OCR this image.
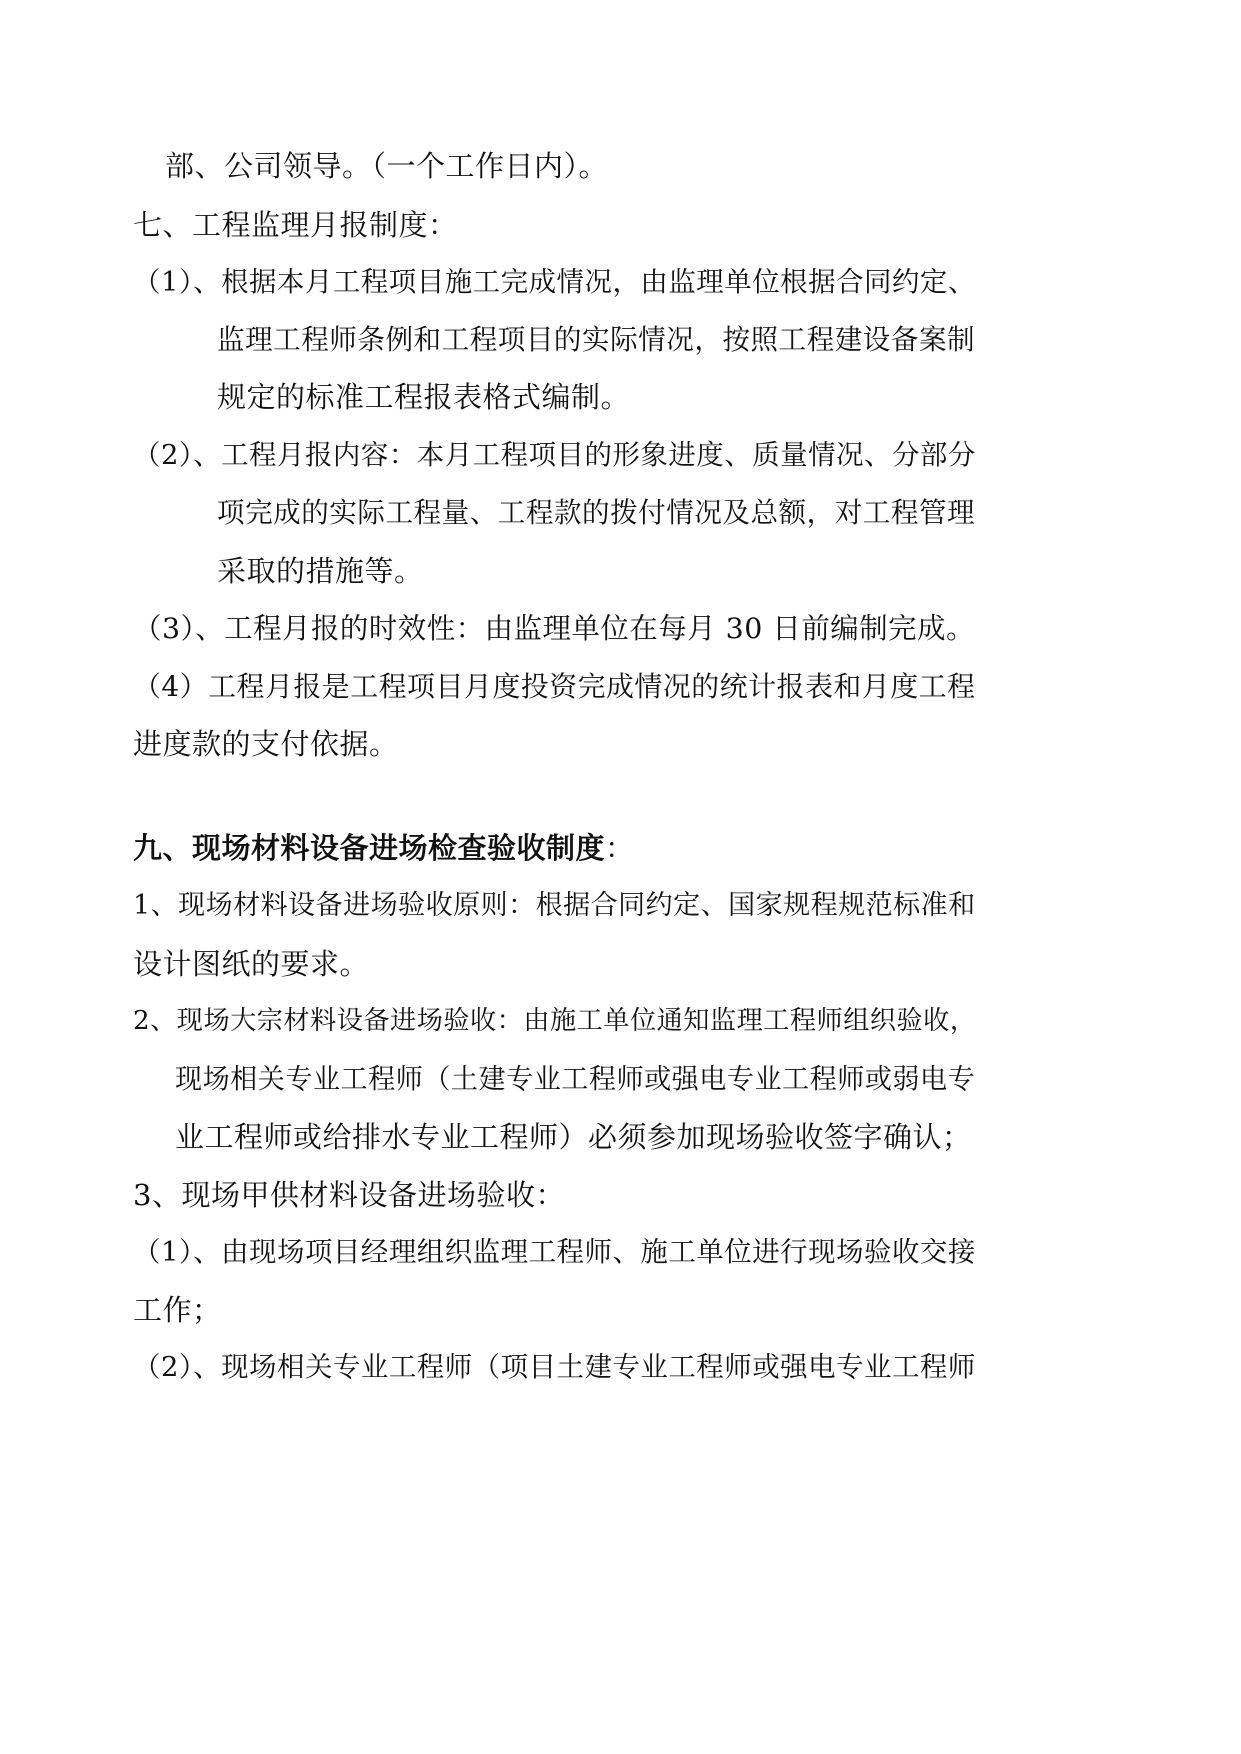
部、公司领导。（一个工作日内）。
七、工程监理月报制度：
（1）、根据本月工程项目施工完成情况，由监理单位根据合同约定、
监理工程师条例和工程项目的实际情况，按照工程建设备案制
规定的标准工程报表格式编制。
（2）、工程月报内容：本月工程项目的形象进度、质量情况、分部分
项完成的实际工程量、工程款的拨付情况及总额，对工程管理
采取的措施等。
（3）、工程月报的时效性：由监理单位在每月 30 日前编制完成。
（4）工程月报是工程项目月度投资完成情况的统计报表和月度工程
进度款的支付依据。
九、现场材料设备进场检查验收制度：
1、现场材料设备进场验收原则：根据合同约定、国家规程规范标准和
设计图纸的要求。
2、现场大宗材料设备进场验收：由施工单位通知监理工程师组织验收，
现场相关专业工程师（土建专业工程师或强电专业工程师或弱电专
业工程师或给排水专业工程师）必须参加现场验收签字确认；
3、现场甲供材料设备进场验收：
（1）、由现场项目经理组织监理工程师、施工单位进行现场验收交接
工作；
（2）、现场相关专业工程师（项目土建专业工程师或强电专业工程师
